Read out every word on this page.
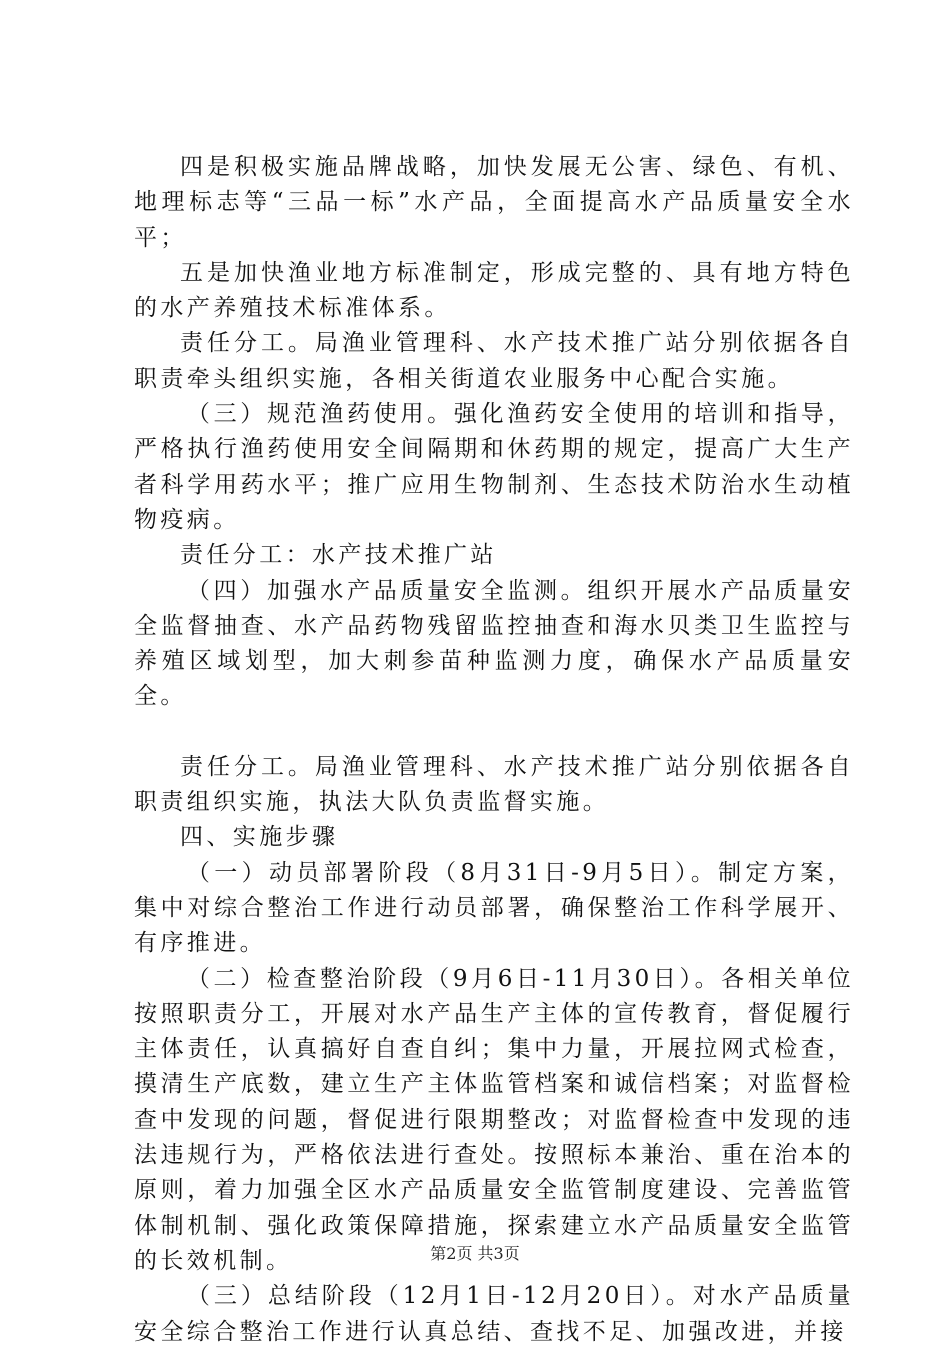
四是积极实施品牌战略，加快发展无公害、绿色、有机、地理标志等“三品一标”水产品，全面提高水产品质量安全水平；

五是加快渔业地方标准制定，形成完整的、具有地方特色的水产养殖技术标准体系。

责任分工。局渔业管理科、水产技术推广站分别依据各自职责牵头组织实施，各相关街道农业服务中心配合实施。

（三）规范渔药使用。强化渔药安全使用的培训和指导，严格执行渔药使用安全间隔期和休药期的规定，提高广大生产者科学用药水平；推广应用生物制剂、生态技术防治水生动植物疫病。

责任分工：水产技术推广站

（四）加强水产品质量安全监测。组织开展水产品质量安全监督抽查、水产品药物残留监控抽查和海水贝类卫生监控与养殖区域划型，加大刺参苗种监测力度，确保水产品质量安全。

责任分工。局渔业管理科、水产技术推广站分别依据各自职责组织实施，执法大队负责监督实施。

四、实施步骤

（一）动员部署阶段（8月31日-9月5日）。制定方案，集中对综合整治工作进行动员部署，确保整治工作科学展开、有序推进。

（二）检查整治阶段（9月6日-11月30日）。各相关单位按照职责分工，开展对水产品生产主体的宣传教育，督促履行主体责任，认真搞好自查自纠；集中力量，开展拉网式检查，摸清生产底数，建立生产主体监管档案和诚信档案；对监督检查中发现的问题，督促进行限期整改；对监督检查中发现的违法违规行为，严格依法进行查处。按照标本兼治、重在治本的原则，着力加强全区水产品质量安全监管制度建设、完善监管体制机制、强化政策保障措施，探索建立水产品质量安全监管的长效机制。

（三）总结阶段（12月1日-12月20日）。对水产品质量安全综合整治工作进行认真总结、查找不足、加强改进，并接

第2页 共3页
